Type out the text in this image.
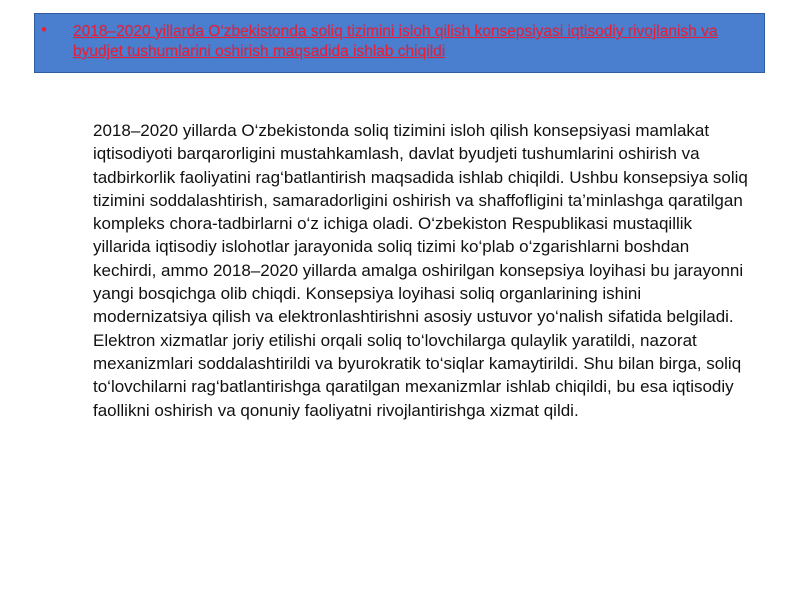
• 2018–2020 yillarda O‘zbekistonda soliq tizimini isloh qilish konsepsiyasi iqtisodiy rivojlanish va byudjet tushumlarini oshirish maqsadida ishlab chiqildi

2018–2020 yillarda O‘zbekistonda soliq tizimini isloh qilish konsepsiyasi mamlakat iqtisodiyoti barqarorligini mustahkamlash, davlat byudjeti tushumlarini oshirish va tadbirkorlik faoliyatini rag‘batlantirish maqsadida ishlab chiqildi. Ushbu konsepsiya soliq tizimini soddalashtirish, samaradorligini oshirish va shaffofligini ta’minlashga qaratilgan kompleks chora-tadbirlarni o‘z ichiga oladi. O‘zbekiston Respublikasi mustaqillik yillarida iqtisodiy islohotlar jarayonida soliq tizimi ko‘plab o‘zgarishlarni boshdan kechirdi, ammo 2018–2020 yillarda amalga oshirilgan konsepsiya loyihasi bu jarayonni yangi bosqichga olib chiqdi. Konsepsiya loyihasi soliq organlarining ishini modernizatsiya qilish va elektronlashtirishni asosiy ustuvor yo‘nalish sifatida belgiladi. Elektron xizmatlar joriy etilishi orqali soliq to‘lovchilarga qulaylik yaratildi, nazorat mexanizmlari soddalashtirildi va byurokratik to‘siqlar kamaytirildi. Shu bilan birga, soliq to‘lovchilarni rag‘batlantirishga qaratilgan mexanizmlar ishlab chiqildi, bu esa iqtisodiy faollikni oshirish va qonuniy faoliyatni rivojlantirishga xizmat qildi.
